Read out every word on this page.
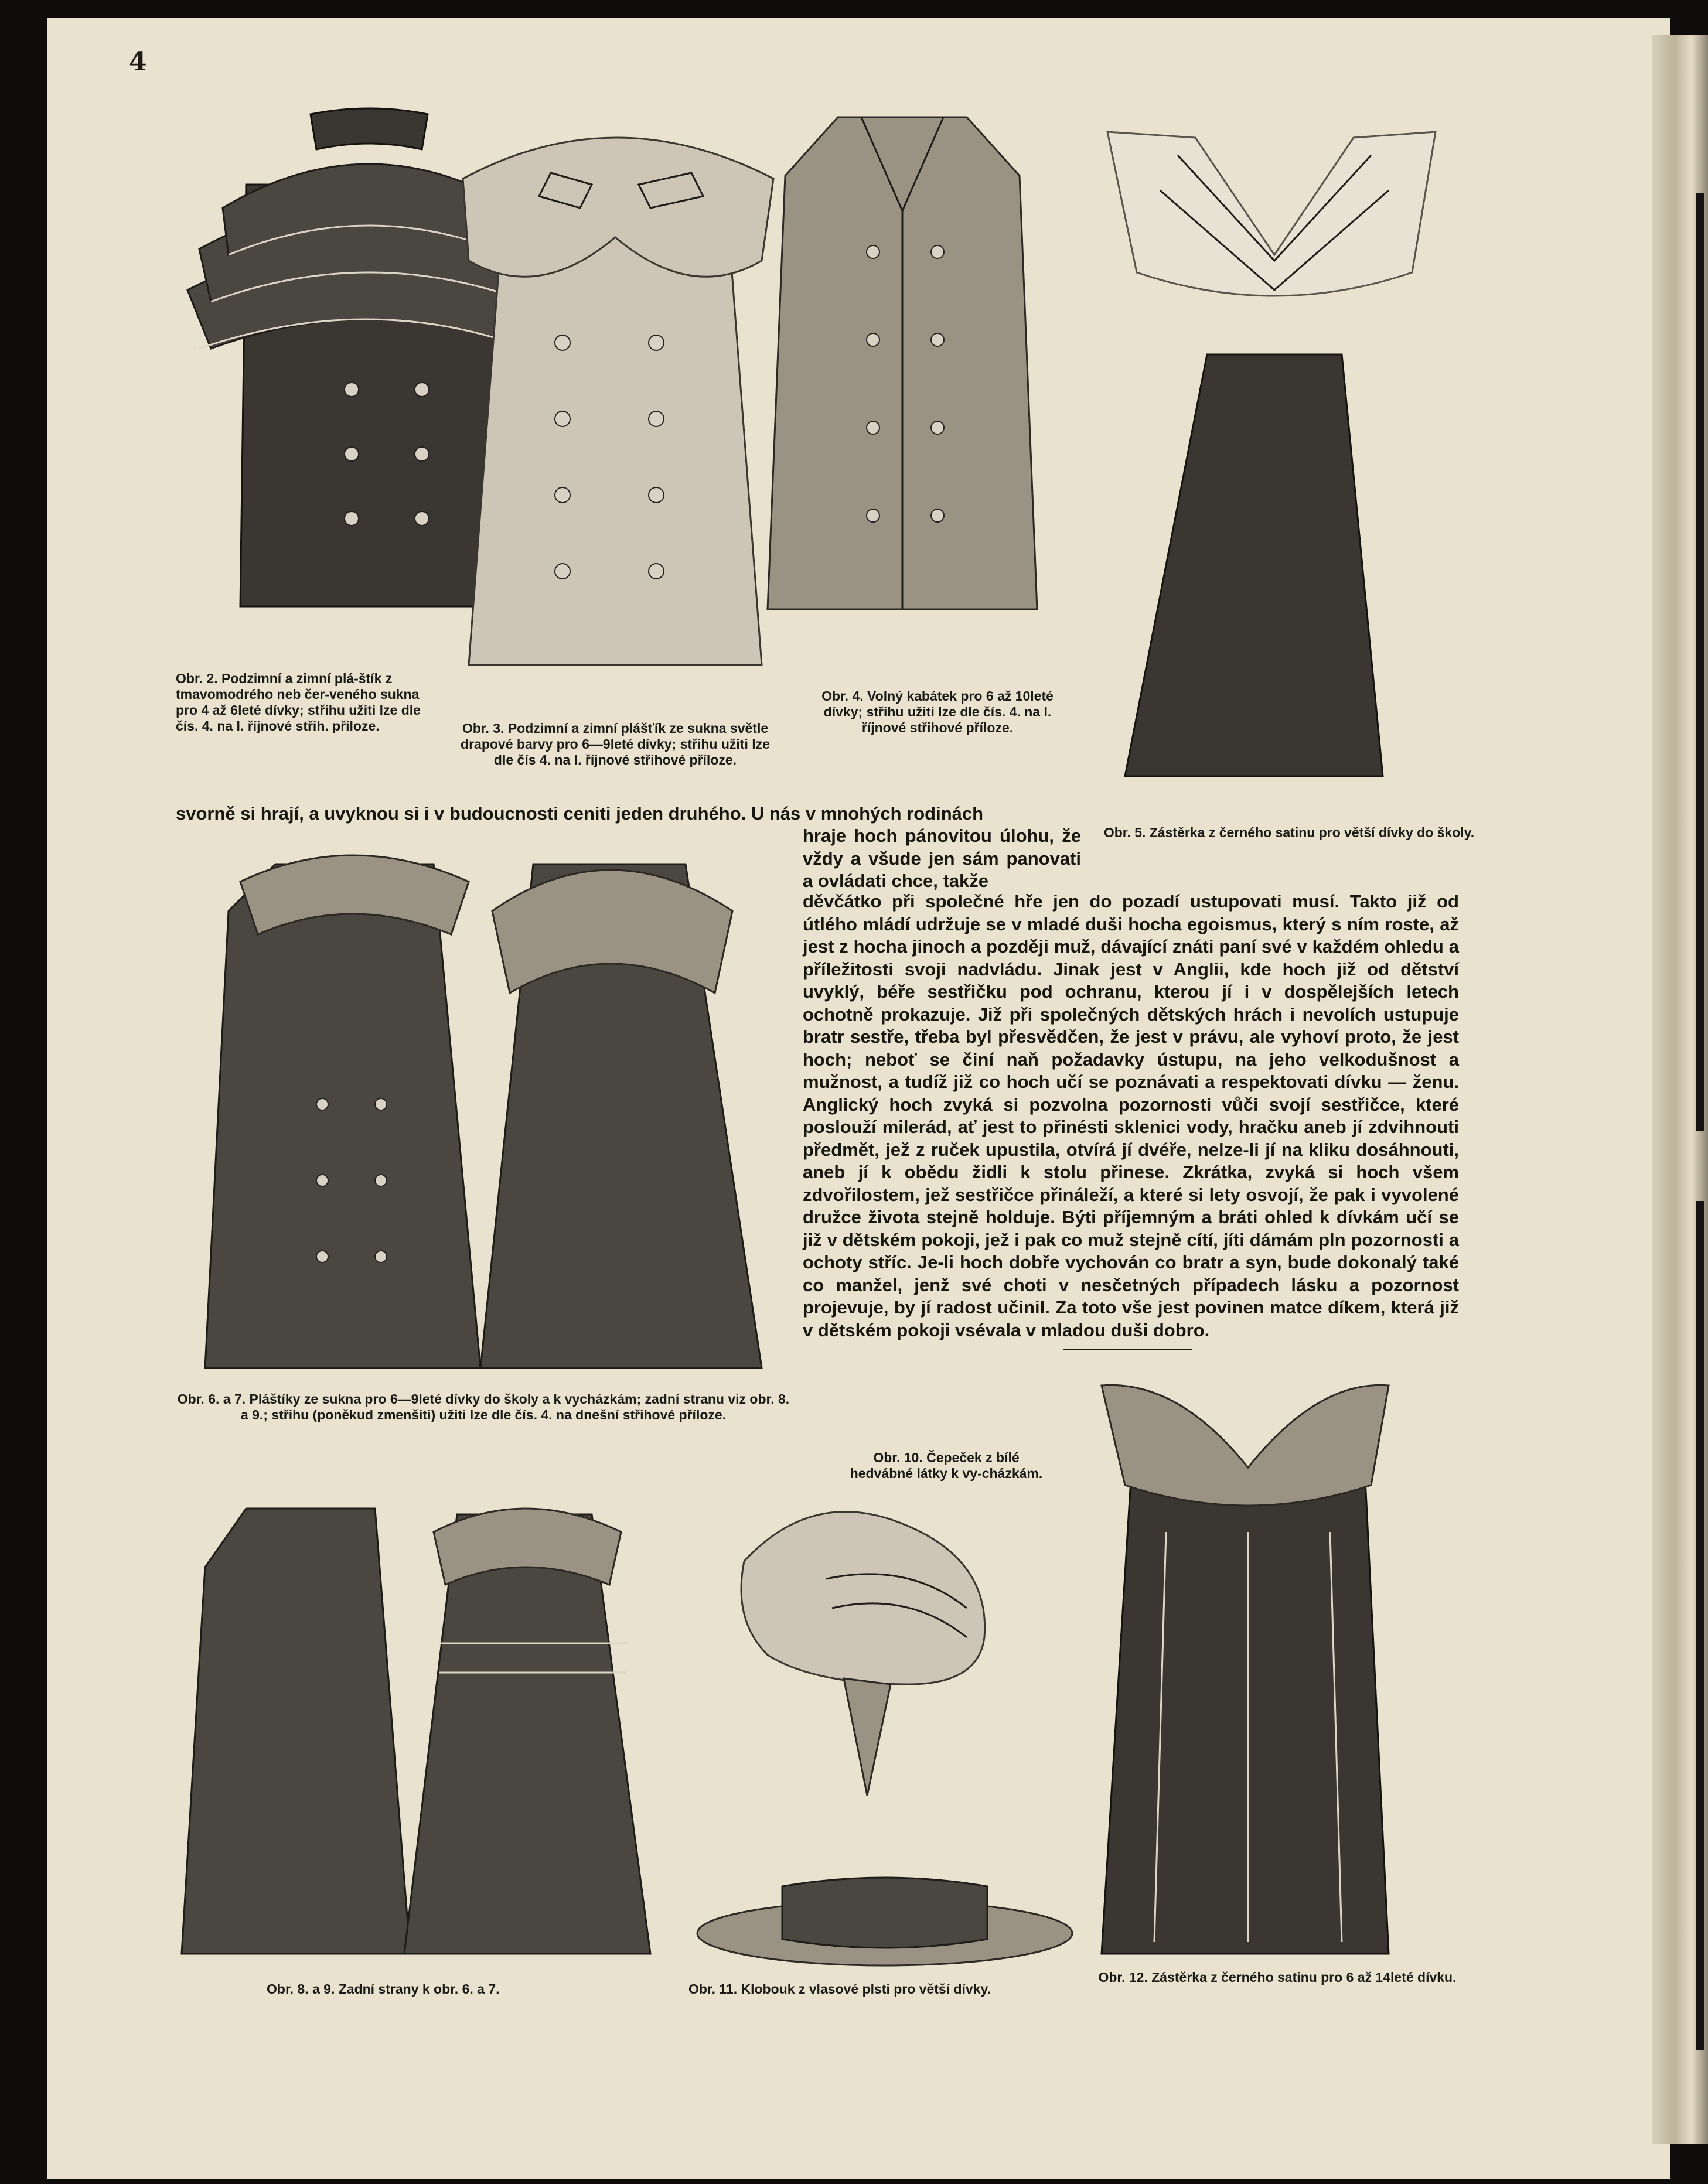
4
Obr. 2. Podzimní a zimní plá-štík z tmavomodrého neb čer-veného sukna pro 4 až 6leté dívky; střihu užiti lze dle čís. 4. na I. říjnové střih. příloze.	Obr. 3. Podzimní a zimní plášťík ze sukna světle drapové barvy pro 6—9leté dívky; střihu užiti lze dle čís 4. na I. říjnové střihové příloze.
Obr. 4. Volný kabátek pro 6 až 10leté dívky; střihu užiti lze dle čís. 4. na I. říjnové střihové příloze.
Obr. 5. Zástěrka z černého satinu pro větší dívky do školy.
Obr. 6. a 7. Pláštíky ze sukna pro 6—9leté dívky do školy a k vycházkám; zadní stranu viz obr. 8. a 9.; střihu (poněkud zmenšiti) užiti lze dle čís. 4. na dnešní střihové příloze.
Obr. 8. a 9. Zadní strany k obr. 6. a 7.
Obr. 10. Čepeček z bílé hedvábné látky k vy-cházkám.
Obr. 11. Klobouk z vlasové plsti pro větší dívky.
Obr. 12. Zástěrka z černého satinu pro 6 až 14leté dívku.

svorně si hrají, a uvyknou si i v budoucnosti ceniti jeden druhého. U nás v mnohých rodinách

hraje hoch pánovitou úlohu, že vždy a všude jen sám panovati a ovládati chce, takže

děvčátko při společné hře jen do pozadí ustupovati musí. Takto již od útlého mládí udržuje se v mladé duši hocha egoismus, který s ním roste, až jest z hocha jinoch a později muž, dávající znáti paní své v každém ohledu a příležitosti svoji nadvládu. Jinak jest v Anglii, kde hoch již od dětství uvyklý, béře sestřičku pod ochranu, kterou jí i v dospělejších letech ochotně prokazuje. Již při společných dětských hrách i nevolích ustupuje bratr sestře, třeba byl přesvědčen, že jest v právu, ale vyhoví proto, že jest hoch; neboť se činí naň požadavky ústupu, na jeho velkodušnost a mužnost, a tudíž již co hoch učí se poznávati a respektovati dívku — ženu. Anglický hoch zvyká si pozvolna pozornosti vůči svojí sestřičce, které poslouží milerád, ať jest to přinésti sklenici vody, hračku aneb jí zdvihnouti předmět, jež z ruček upustila, otvírá jí dvéře, nelze-li jí na kliku dosáhnouti, aneb jí k obědu židli k stolu přinese. Zkrátka, zvyká si hoch všem zdvořilostem, jež sestřičce přináleží, a které si lety osvojí, že pak i vyvolené družce života stejně holduje. Býti příjemným a bráti ohled k dívkám učí se již v dětském pokoji, jež i pak co muž stejně cítí, jíti dámám pln pozornosti a ochoty stříc. Je-li hoch dobře vychován co bratr a syn, bude dokonalý také co manžel, jenž své choti v nesčetných případech lásku a pozornost projevuje, by jí radost učinil. Za toto vše jest povinen matce díkem, která již v dětském pokoji vsévala v mladou duši dobro.
